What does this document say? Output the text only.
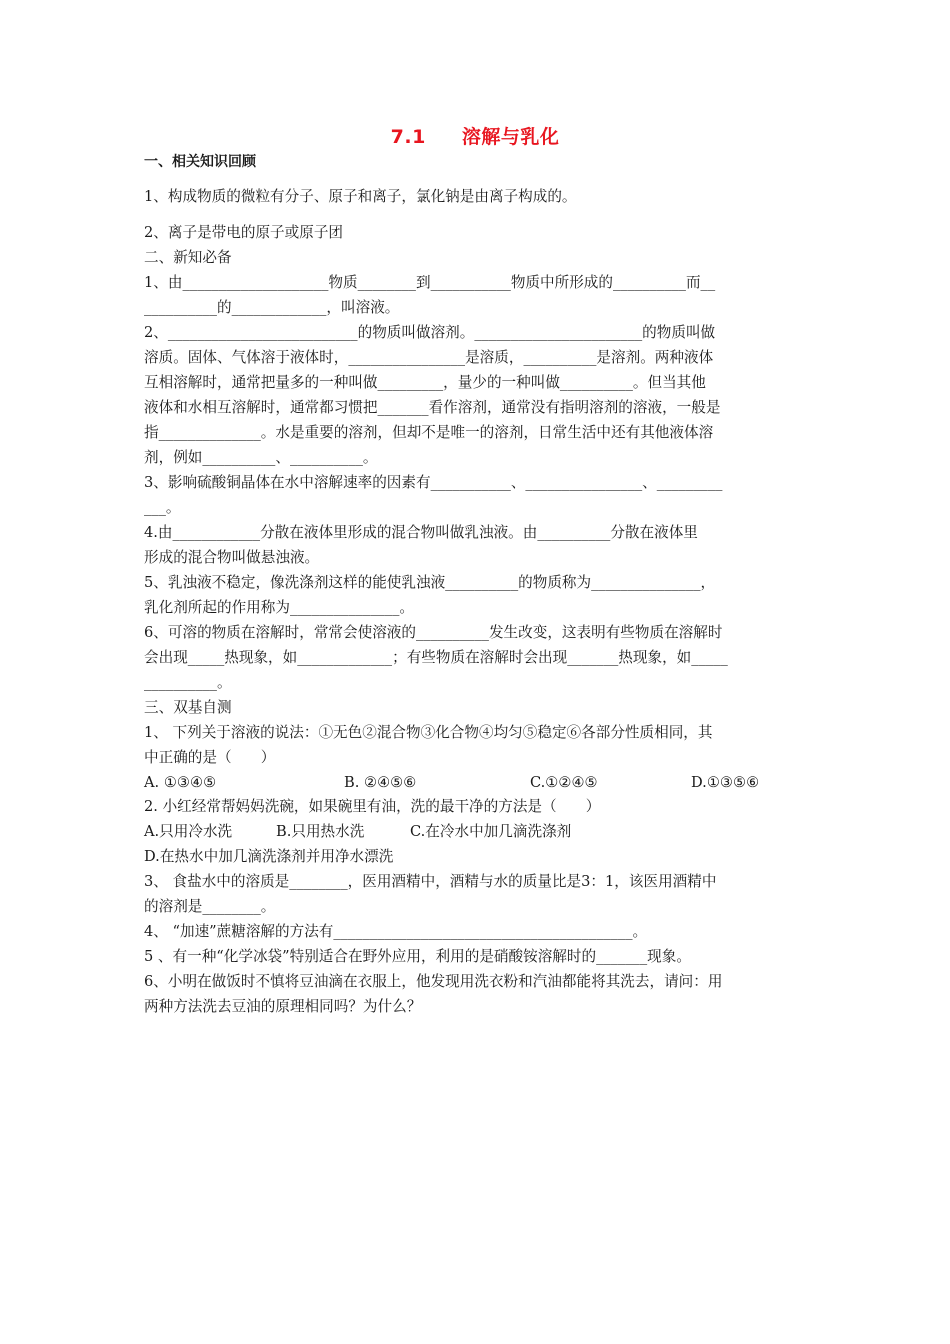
7.1 溶解与乳化
一、相关知识回顾
1、构成物质的微粒有分子、原子和离子，氯化钠是由离子构成的。
2、离子是带电的原子或原子团
二、新知必备
1、由____________________物质________到___________物质中所形成的__________而__
__________的_____________，叫溶液。
2、__________________________的物质叫做溶剂。_______________________的物质叫做
溶质。固体、气体溶于液体时，________________是溶质，__________是溶剂。两种液体
互相溶解时，通常把量多的一种叫做_________，量少的一种叫做__________。但当其他
液体和水相互溶解时，通常都习惯把_______看作溶剂，通常没有指明溶剂的溶液，一般是
指______________。水是重要的溶剂，但却不是唯一的溶剂，日常生活中还有其他液体溶
剂，例如__________、__________。
3、影响硫酸铜晶体在水中溶解速率的因素有___________、________________、_________
___。
4.由____________分散在液体里形成的混合物叫做乳浊液。由__________分散在液体里
形成的混合物叫做悬浊液。
5、乳浊液不稳定，像洗涤剂这样的能使乳浊液__________的物质称为_______________，
乳化剂所起的作用称为_______________。
6、可溶的物质在溶解时，常常会使溶液的__________发生改变，这表明有些物质在溶解时
会出现_____热现象，如_____________；有些物质在溶解时会出现_______热现象，如_____
__________。
三、双基自测
1、 下列关于溶液的说法：①无色②混合物③化合物④均匀⑤稳定⑥各部分性质相同，其
中正确的是（　　）
A. ①③④⑤	B. ②④⑤⑥	C.①②④⑤	D.①③⑤⑥
2. 小红经常帮妈妈洗碗，如果碗里有油，洗的最干净的方法是（　　）
A.只用冷水洗	B.只用热水洗	C.在冷水中加几滴洗涤剂
D.在热水中加几滴洗涤剂并用净水漂洗
3、 食盐水中的溶质是________，医用酒精中，酒精与水的质量比是3：1，该医用酒精中
的溶剂是________。
4、 “加速”蔗糖溶解的方法有_________________________________________。
5 、有一种“化学冰袋”特别适合在野外应用，利用的是硝酸铵溶解时的_______现象。
6、小明在做饭时不慎将豆油滴在衣服上，他发现用洗衣粉和汽油都能将其洗去，请问：用
两种方法洗去豆油的原理相同吗？为什么？
